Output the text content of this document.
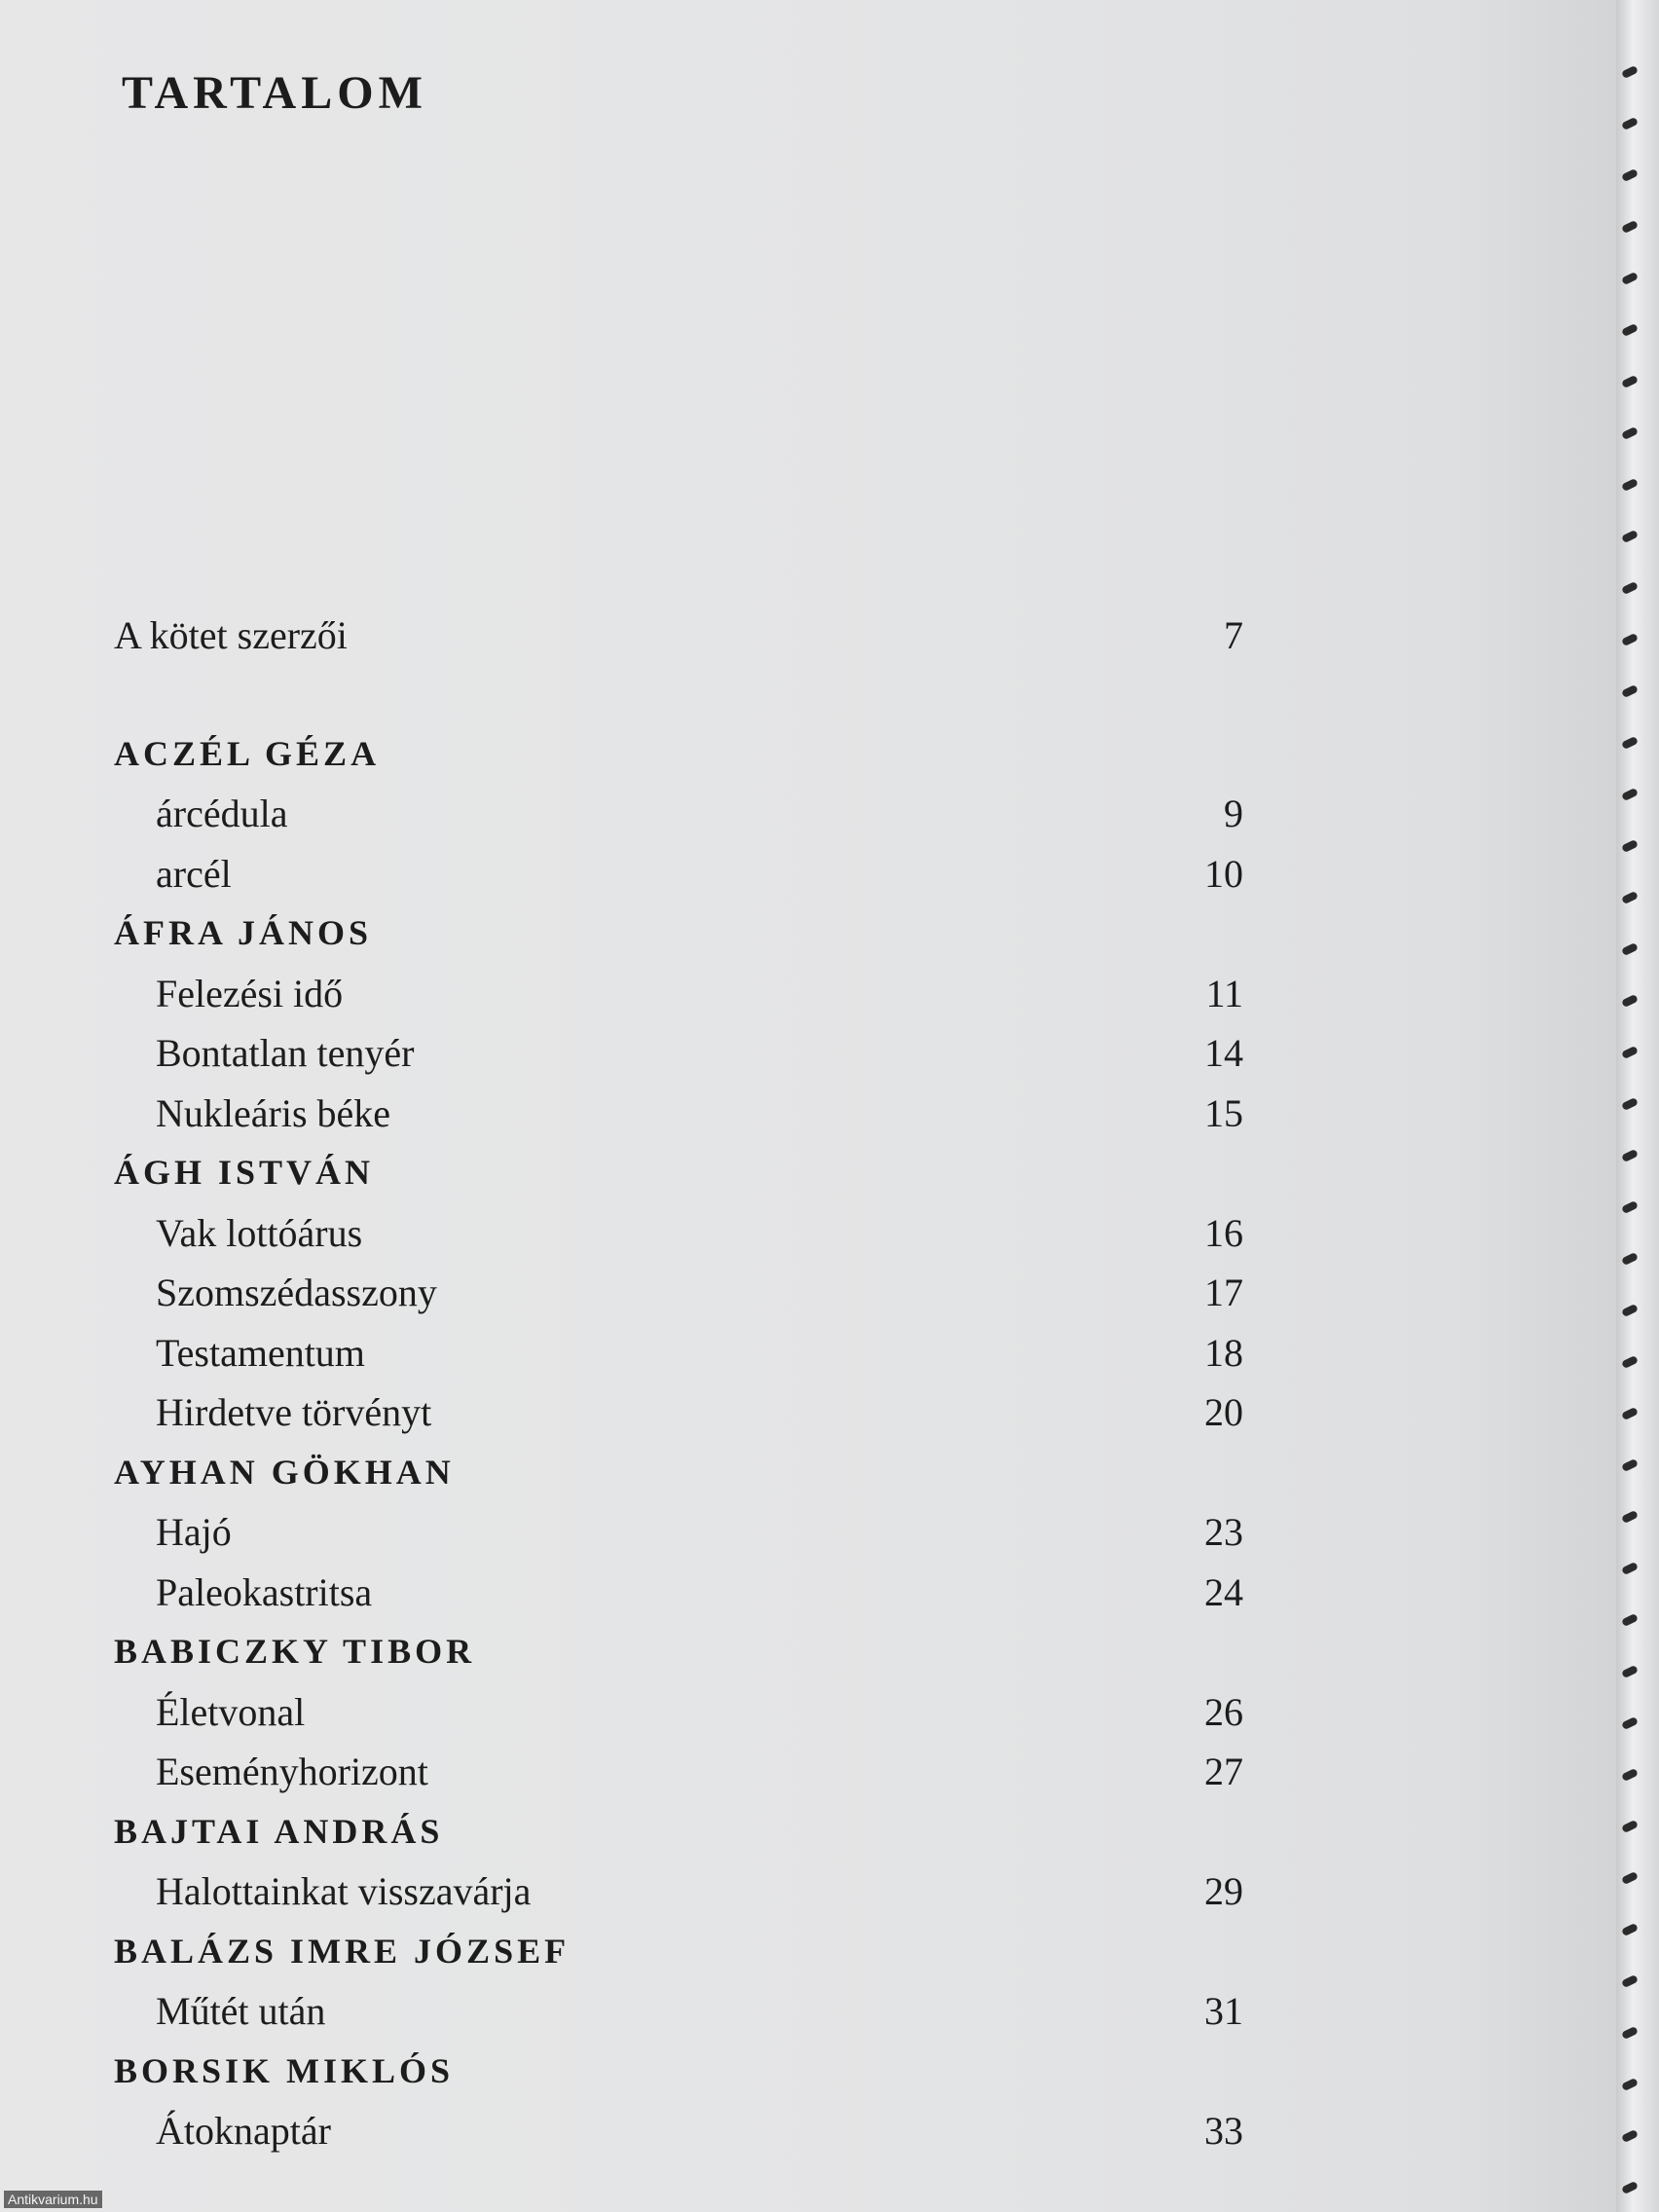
TARTALOM
A kötet szerzői	7
ACZÉL GÉZA
árcédula	9
arcél	10
ÁFRA JÁNOS
Felezési idő	11
Bontatlan tenyér	14
Nukleáris béke	15
ÁGH ISTVÁN
Vak lottóárus	16
Szomszédasszony	17
Testamentum	18
Hirdetve törvényt	20
AYHAN GÖKHAN
Hajó	23
Paleokastritsa	24
BABICZKY TIBOR
Életvonal	26
Eseményhorizont	27
BAJTAI ANDRÁS
Halottainkat visszavárja	29
BALÁZS IMRE JÓZSEF
Műtét után	31
BORSIK MIKLÓS
Átoknaptár	33
Antikvarium.hu
